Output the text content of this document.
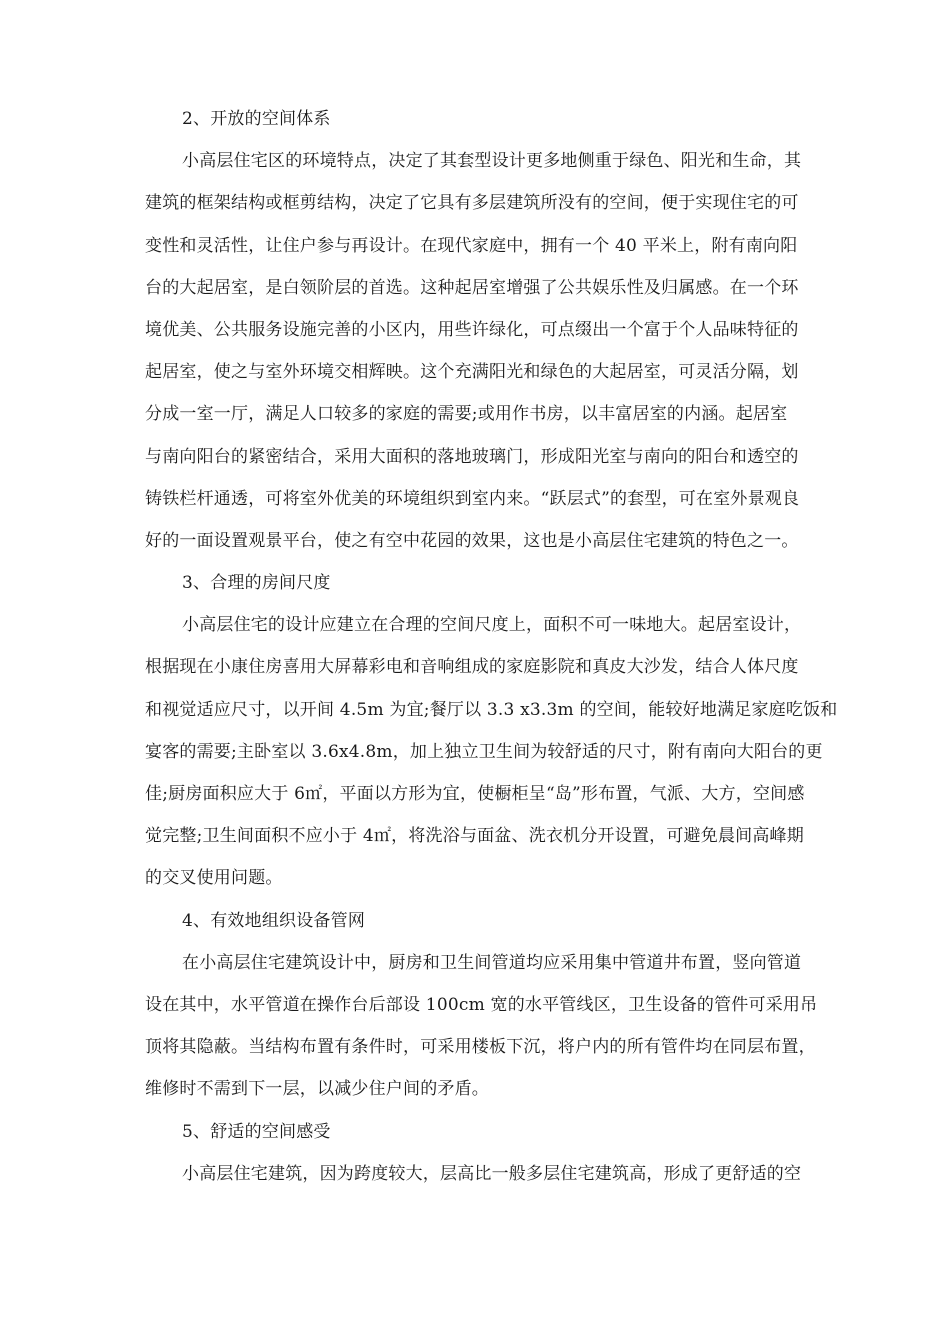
2、开放的空间体系
小高层住宅区的环境特点，决定了其套型设计更多地侧重于绿色、阳光和生命，其
建筑的框架结构或框剪结构，决定了它具有多层建筑所没有的空间，便于实现住宅的可
变性和灵活性，让住户参与再设计。在现代家庭中，拥有一个 40 平米上，附有南向阳
台的大起居室，是白领阶层的首选。这种起居室增强了公共娱乐性及归属感。在一个环
境优美、公共服务设施完善的小区内，用些许绿化，可点缀出一个富于个人品味特征的
起居室，使之与室外环境交相辉映。这个充满阳光和绿色的大起居室，可灵活分隔，划
分成一室一厅，满足人口较多的家庭的需要;或用作书房，以丰富居室的内涵。起居室
与南向阳台的紧密结合，采用大面积的落地玻璃门，形成阳光室与南向的阳台和透空的
铸铁栏杆通透，可将室外优美的环境组织到室内来。“跃层式”的套型，可在室外景观良
好的一面设置观景平台，使之有空中花园的效果，这也是小高层住宅建筑的特色之一。
3、合理的房间尺度
小高层住宅的设计应建立在合理的空间尺度上，面积不可一味地大。起居室设计，
根据现在小康住房喜用大屏幕彩电和音响组成的家庭影院和真皮大沙发，结合人体尺度
和视觉适应尺寸，以开间 4.5m 为宜;餐厅以 3.3 x3.3m 的空间，能较好地满足家庭吃饭和
宴客的需要;主卧室以 3.6x4.8m，加上独立卫生间为较舒适的尺寸，附有南向大阳台的更
佳;厨房面积应大于 6㎡，平面以方形为宜，使橱柜呈“岛”形布置，气派、大方，空间感
觉完整;卫生间面积不应小于 4㎡，将洗浴与面盆、洗衣机分开设置，可避免晨间高峰期
的交叉使用问题。
4、有效地组织设备管网
在小高层住宅建筑设计中，厨房和卫生间管道均应采用集中管道井布置，竖向管道
设在其中，水平管道在操作台后部设 100cm 宽的水平管线区，卫生设备的管件可采用吊
顶将其隐蔽。当结构布置有条件时，可采用楼板下沉，将户内的所有管件均在同层布置，
维修时不需到下一层，以减少住户间的矛盾。
5、舒适的空间感受
小高层住宅建筑，因为跨度较大，层高比一般多层住宅建筑高，形成了更舒适的空
